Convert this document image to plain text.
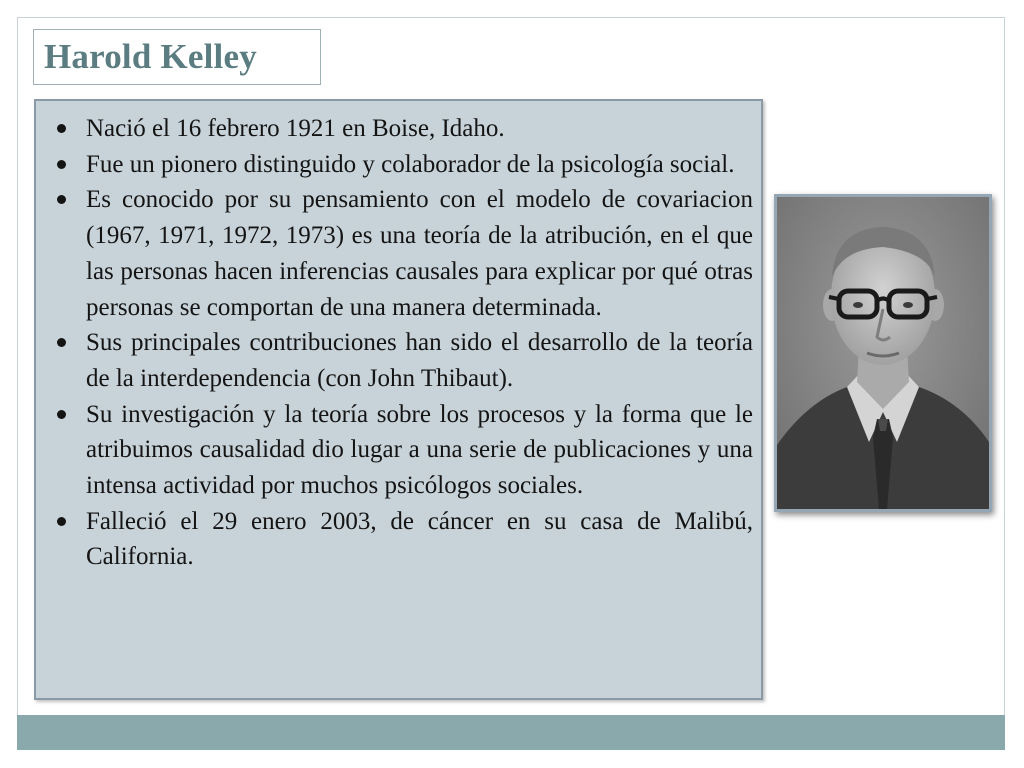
Harold Kelley
Nació el 16 febrero 1921 en Boise, Idaho.
Fue un pionero distinguido y colaborador de la psicología social.
Es conocido por su pensamiento con el modelo de covariacion (1967, 1971, 1972, 1973) es una teoría de la atribución, en el que las personas hacen inferencias causales para explicar por qué otras personas se comportan de una manera determinada.
Sus principales contribuciones han sido el desarrollo de la teoría de la interdependencia (con John Thibaut).
Su investigación y la teoría sobre los procesos y la forma que le atribuimos causalidad dio lugar a una serie de publicaciones y una intensa actividad por muchos psicólogos sociales.
Falleció el 29 enero 2003, de cáncer en su casa de Malibú, California.
